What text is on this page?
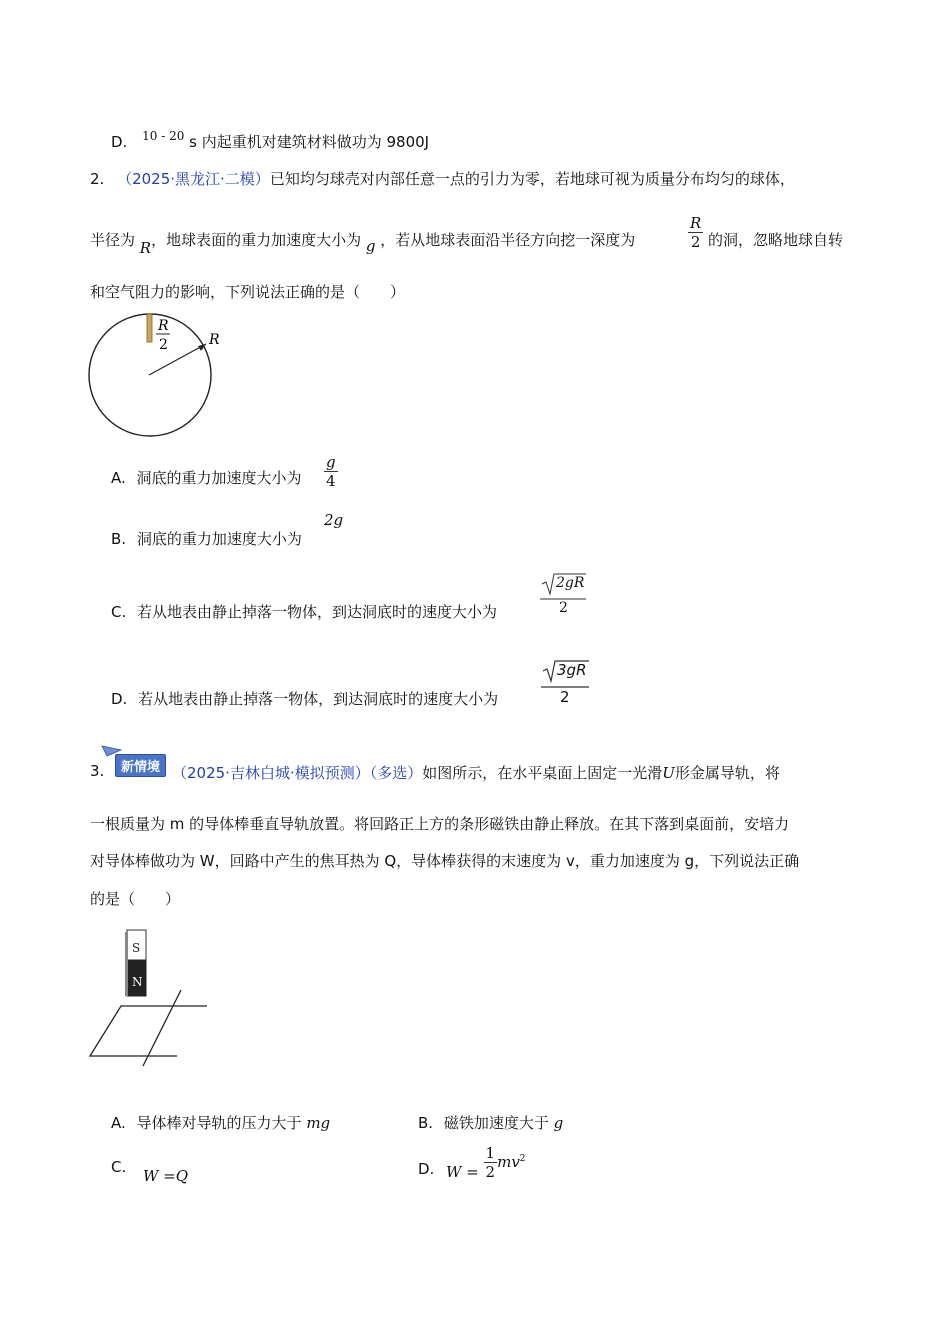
D. $^{10 - 20}$ s 内起重机对建筑材料做功为 9800J
2. （2025·黑龙江·二模）已知均匀球壳对内部任意一点的引力为零，若地球可视为质量分布均匀的球体，
半径为 R，地球表面的重力加速度大小为 g ，若从地球表面沿半径方向挖一深度为	$\frac{R}{2}$ 的洞，忽略地球自转
和空气阻力的影响，下列说法正确的是（　　）
R
2	R
A. 洞底的重力加速度大小为 $\frac{g}{4}$
B. 洞底的重力加速度大小为
2g
C. 若从地表由静止掉落一物体，到达洞底时的速度大小为
2gR
2
D. 若从地表由静止掉落一物体，到达洞底时的速度大小为
3gR
2
3.	新情境 （2025·吉林白城·模拟预测）（多选）如图所示，在水平桌面上固定一光滑U形金属导轨，将
一根质量为 m 的导体棒垂直导轨放置。将回路正上方的条形磁铁由静止释放。在其下落到桌面前，安培力
对导体棒做功为 W，回路中产生的焦耳热为 Q，导体棒获得的末速度为 v，重力加速度为 g，下列说法正确
的是（　　）
S
N
A. 导体棒对导轨的压力大于 mg	B. 磁铁加速度大于 g
C. W =Q	D. $W = \frac{1}{2} mv^2$
